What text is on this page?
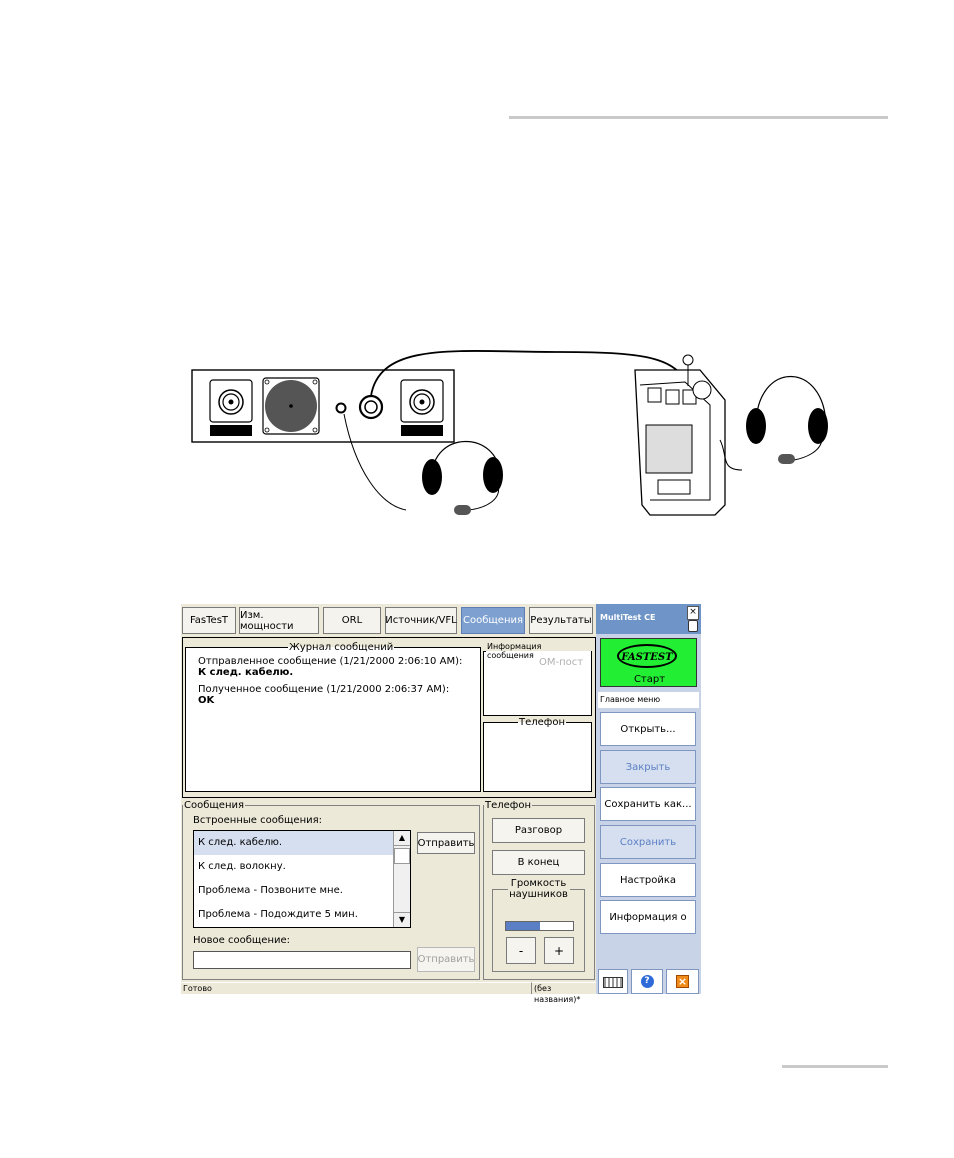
FasTesT	Изм. мощности	ORL	Источник/VFL Сообщения Результаты
Журнал сообщений
Отправленное сообщение (1/21/2000 2:06:10 AM):
К след. кабелю.
Полученное сообщение (1/21/2000 2:06:37 AM):
OK
Информация сообщения
ОМ-пост
Телефон
Сообщения
Встроенные сообщения:
К след. кабелю.
К след. волокну.
Проблема - Позвоните мне.
Проблема - Подождите 5 мин.
▲
▼
Отправить
Новое сообщение:
Отправить
Телефон
Разговор
В конец
Громкость наушников
-	+
Готово	(без названия)*
MultiTest CE
×
FASTEST
Старт
Главное меню
Открыть...
Закрыть
Сохранить как...
Сохранить
Настройка
Информация о
?	×
